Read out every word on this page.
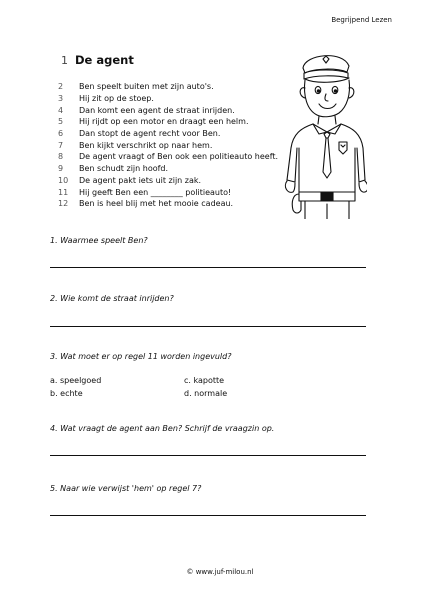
Begrijpend Lezen
1 De agent
2	Ben speelt buiten met zijn auto's.
3	Hij zit op de stoep.
4	Dan komt een agent de straat inrijden.
5	Hij rijdt op een motor en draagt een helm.
6	Dan stopt de agent recht voor Ben.
7	Ben kijkt verschrikt op naar hem.
8	De agent vraagt of Ben ook een politieauto heeft.
9	Ben schudt zijn hoofd.
10	De agent pakt iets uit zijn zak.
11	Hij geeft Ben een ________ politieauto!
12	Ben is heel blij met het mooie cadeau.
1. Waarmee speelt Ben?
2. Wie komt de straat inrijden?
3. Wat moet er op regel 11 worden ingevuld?
a. speelgoed
b. echte
c. kapotte
d. normale
4. Wat vraagt de agent aan Ben? Schrijf de vraagzin op.
5. Naar wie verwijst 'hem' op regel 7?
© www.juf-milou.nl
